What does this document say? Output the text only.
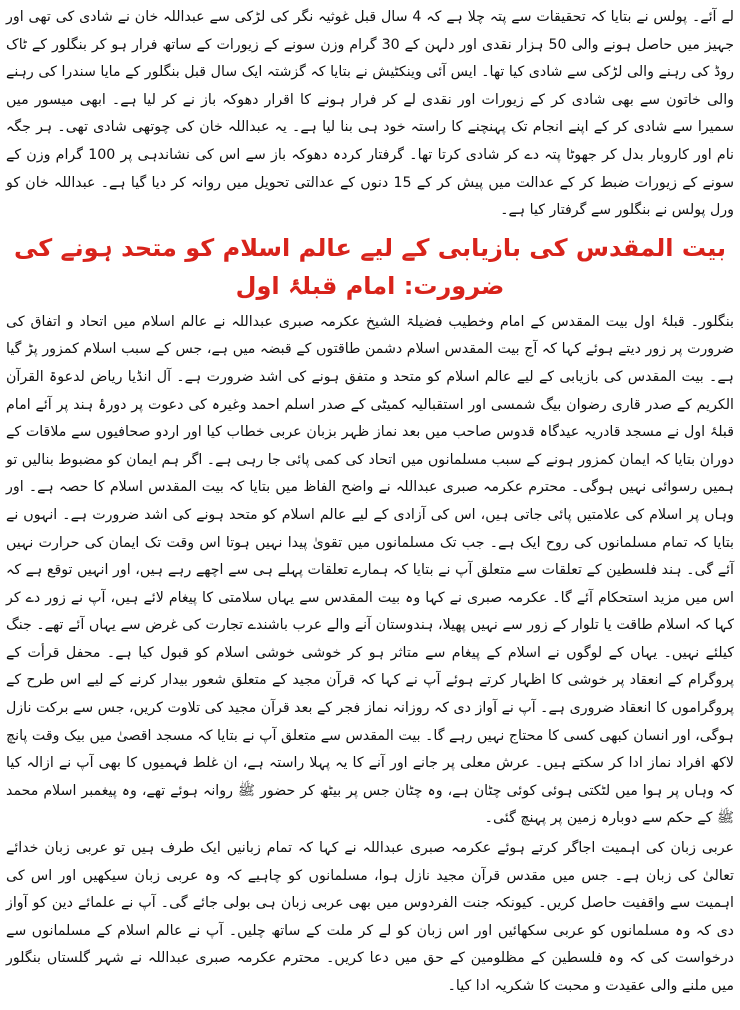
لے آئے۔ پولس نے بتایا کہ تحقیقات سے پتہ چلا ہے کہ 4 سال قبل غوثیہ نگر کی لڑکی سے عبداللہ خان نے شادی کی تھی اور جہیز میں حاصل ہونے والی 50 ہزار نقدی اور دلہن کے 30 گرام وزن سونے کے زیورات کے ساتھ فرار ہو کر بنگلور کے ٹاک روڈ کی رہنے والی لڑکی سے شادی کیا تھا۔ ایس آئی وینکٹیش نے بتایا کہ گزشتہ ایک سال قبل بنگلور کے مایا سندرا کی رہنے والی خاتون سے بھی شادی کر کے زیورات اور نقدی لے کر فرار ہونے کا اقرار دھوکہ باز نے کر لیا ہے۔ ابھی میسور میں سمیرا سے شادی کر کے اپنے انجام تک پہنچنے کا راستہ خود ہی بنا لیا ہے۔ یہ عبداللہ خان کی چوتھی شادی تھی۔ ہر جگہ نام اور کاروبار بدل کر جھوٹا پتہ دے کر شادی کرتا تھا۔ گرفتار کردہ دھوکہ باز سے اس کی نشاندہی پر 100 گرام وزن کے سونے کے زیورات ضبط کر کے عدالت میں پیش کر کے 15 دنوں کے عدالتی تحویل میں روانہ کر دیا گیا ہے۔ عبداللہ خان کو ورل پولس نے بنگلور سے گرفتار کیا ہے۔

بیت المقدس کی بازیابی کے لیے عالم اسلام کو متحد ہونے کی ضرورت: امام قبلۂ اول

بنگلور۔ قبلۂ اول بیت المقدس کے امام وخطیب فضیلۃ الشیخ عکرمہ صبری عبداللہ نے عالم اسلام میں اتحاد و اتفاق کی ضرورت پر زور دیتے ہوئے کہا کہ آج بیت المقدس اسلام دشمن طاقتوں کے قبضہ میں ہے، جس کے سبب اسلام کمزور پڑ گیا ہے۔ بیت المقدس کی بازیابی کے لیے عالم اسلام کو متحد و متفق ہونے کی اشد ضرورت ہے۔ آل انڈیا ریاض لدعوۃ القرآن الکریم کے صدر قاری رضوان بیگ شمسی اور استقبالیہ کمیٹی کے صدر اسلم احمد وغیرہ کی دعوت پر دورۂ ہند پر آئے امام قبلۂ اول نے مسجد قادریہ عیدگاہ قدوس صاحب میں بعد نماز ظہر بزبان عربی خطاب کیا اور اردو صحافیوں سے ملاقات کے دوران بتایا کہ ایمان کمزور ہونے کے سبب مسلمانوں میں اتحاد کی کمی پائی جا رہی ہے۔ اگر ہم ایمان کو مضبوط بنالیں تو ہمیں رسوائی نہیں ہوگی۔ محترم عکرمہ صبری عبداللہ نے واضح الفاظ میں بتایا کہ بیت المقدس اسلام کا حصہ ہے۔ اور وہاں پر اسلام کی علامتیں پائی جاتی ہیں، اس کی آزادی کے لیے عالم اسلام کو متحد ہونے کی اشد ضرورت ہے۔ انہوں نے بتایا کہ تمام مسلمانوں کی روح ایک ہے۔ جب تک مسلمانوں میں تقویٰ پیدا نہیں ہوتا اس وقت تک ایمان کی حرارت نہیں آئے گی۔ ہند فلسطین کے تعلقات سے متعلق آپ نے بتایا کہ ہمارے تعلقات پہلے ہی سے اچھے رہے ہیں، اور انہیں توقع ہے کہ اس میں مزید استحکام آئے گا۔ عکرمہ صبری نے کہا وہ بیت المقدس سے یہاں سلامتی کا پیغام لائے ہیں، آپ نے زور دے کر کہا کہ اسلام طاقت یا تلوار کے زور سے نہیں پھیلا، ہندوستان آنے والے عرب باشندے تجارت کی غرض سے یہاں آئے تھے۔ جنگ کیلئے نہیں۔ یہاں کے لوگوں نے اسلام کے پیغام سے متاثر ہو کر خوشی خوشی اسلام کو قبول کیا ہے۔ محفل قرأت کے پروگرام کے انعقاد پر خوشی کا اظہار کرتے ہوئے آپ نے کہا کہ قرآن مجید کے متعلق شعور بیدار کرنے کے لیے اس طرح کے پروگراموں کا انعقاد ضروری ہے۔ آپ نے آواز دی کہ روزانہ نماز فجر کے بعد قرآن مجید کی تلاوت کریں، جس سے برکت نازل ہوگی، اور انسان کبھی کسی کا محتاج نہیں رہے گا۔ بیت المقدس سے متعلق آپ نے بتایا کہ مسجد اقصیٰ میں بیک وقت پانچ لاکھ افراد نماز ادا کر سکتے ہیں۔ عرش معلی پر جانے اور آنے کا یہ پہلا راستہ ہے، ان غلط فہمیوں کا بھی آپ نے ازالہ کیا کہ وہاں پر ہوا میں لٹکتی ہوئی کوئی چٹان ہے، وہ چٹان جس پر بیٹھ کر حضور ﷺ روانہ ہوئے تھے، وہ پیغمبر اسلام محمد ﷺ کے حکم سے دوبارہ زمین پر پہنچ گئی۔

عربی زبان کی اہمیت اجاگر کرتے ہوئے عکرمہ صبری عبداللہ نے کہا کہ تمام زبانیں ایک طرف ہیں تو عربی زبان خدائے تعالیٰ کی زبان ہے۔ جس میں مقدس قرآن مجید نازل ہوا، مسلمانوں کو چاہیے کہ وہ عربی زبان سیکھیں اور اس کی اہمیت سے واقفیت حاصل کریں۔ کیونکہ جنت الفردوس میں بھی عربی زبان ہی بولی جائے گی۔ آپ نے علمائے دین کو آواز دی کہ وہ مسلمانوں کو عربی سکھائیں اور اس زبان کو لے کر ملت کے ساتھ چلیں۔ آپ نے عالم اسلام کے مسلمانوں سے درخواست کی کہ وہ فلسطین کے مظلومین کے حق میں دعا کریں۔ محترم عکرمہ صبری عبداللہ نے شہر گلستاں بنگلور میں ملنے والی عقیدت و محبت کا شکریہ ادا کیا۔
